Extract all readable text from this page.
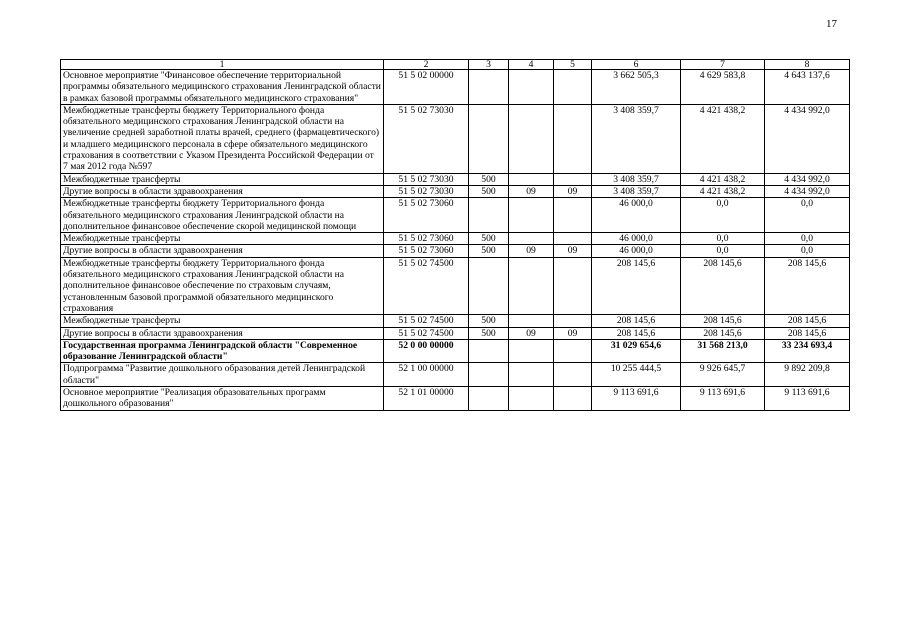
17
1	2	3	4	5	6	7	8
Основное мероприятие "Финансовое обеспечение территориальной программы обязательного медицинского страхования Ленинградской области в рамках базовой программы обязательного медицинского страхования"	51 5 02 00000				3 662 505,3	4 629 583,8	4 643 137,6
Межбюджетные трансферты бюджету Территориального фонда обязательного медицинского страхования Ленинградской области на увеличение средней заработной платы врачей, среднего (фармацевтического) и младшего медицинского персонала в сфере обязательного медицинского страхования в соответствии с Указом Президента Российской Федерации от 7 мая 2012 года №597	51 5 02 73030				3 408 359,7	4 421 438,2	4 434 992,0
Межбюджетные трансферты	51 5 02 73030	500			3 408 359,7	4 421 438,2	4 434 992,0
Другие вопросы в области здравоохранения	51 5 02 73030	500	09	09	3 408 359,7	4 421 438,2	4 434 992,0
Межбюджетные трансферты бюджету Территориального фонда обязательного медицинского страхования Ленинградской области на дополнительное финансовое обеспечение скорой медицинской помощи	51 5 02 73060				46 000,0	0,0	0,0
Межбюджетные трансферты	51 5 02 73060	500			46 000,0	0,0	0,0
Другие вопросы в области здравоохранения	51 5 02 73060	500	09	09	46 000,0	0,0	0,0
Межбюджетные трансферты бюджету Территориального фонда обязательного медицинского страхования Ленинградской области на дополнительное финансовое обеспечение по страховым случаям, установленным базовой программой обязательного медицинского страхования	51 5 02 74500				208 145,6	208 145,6	208 145,6
Межбюджетные трансферты	51 5 02 74500	500			208 145,6	208 145,6	208 145,6
Другие вопросы в области здравоохранения	51 5 02 74500	500	09	09	208 145,6	208 145,6	208 145,6
Государственная программа Ленинградской области "Современное образование Ленинградской области"	52 0 00 00000				31 029 654,6	31 568 213,0	33 234 693,4
Подпрограмма "Развитие дошкольного образования детей Ленинградской области"	52 1 00 00000				10 255 444,5	9 926 645,7	9 892 209,8
Основное мероприятие "Реализация образовательных программ дошкольного образования"	52 1 01 00000				9 113 691,6	9 113 691,6	9 113 691,6
